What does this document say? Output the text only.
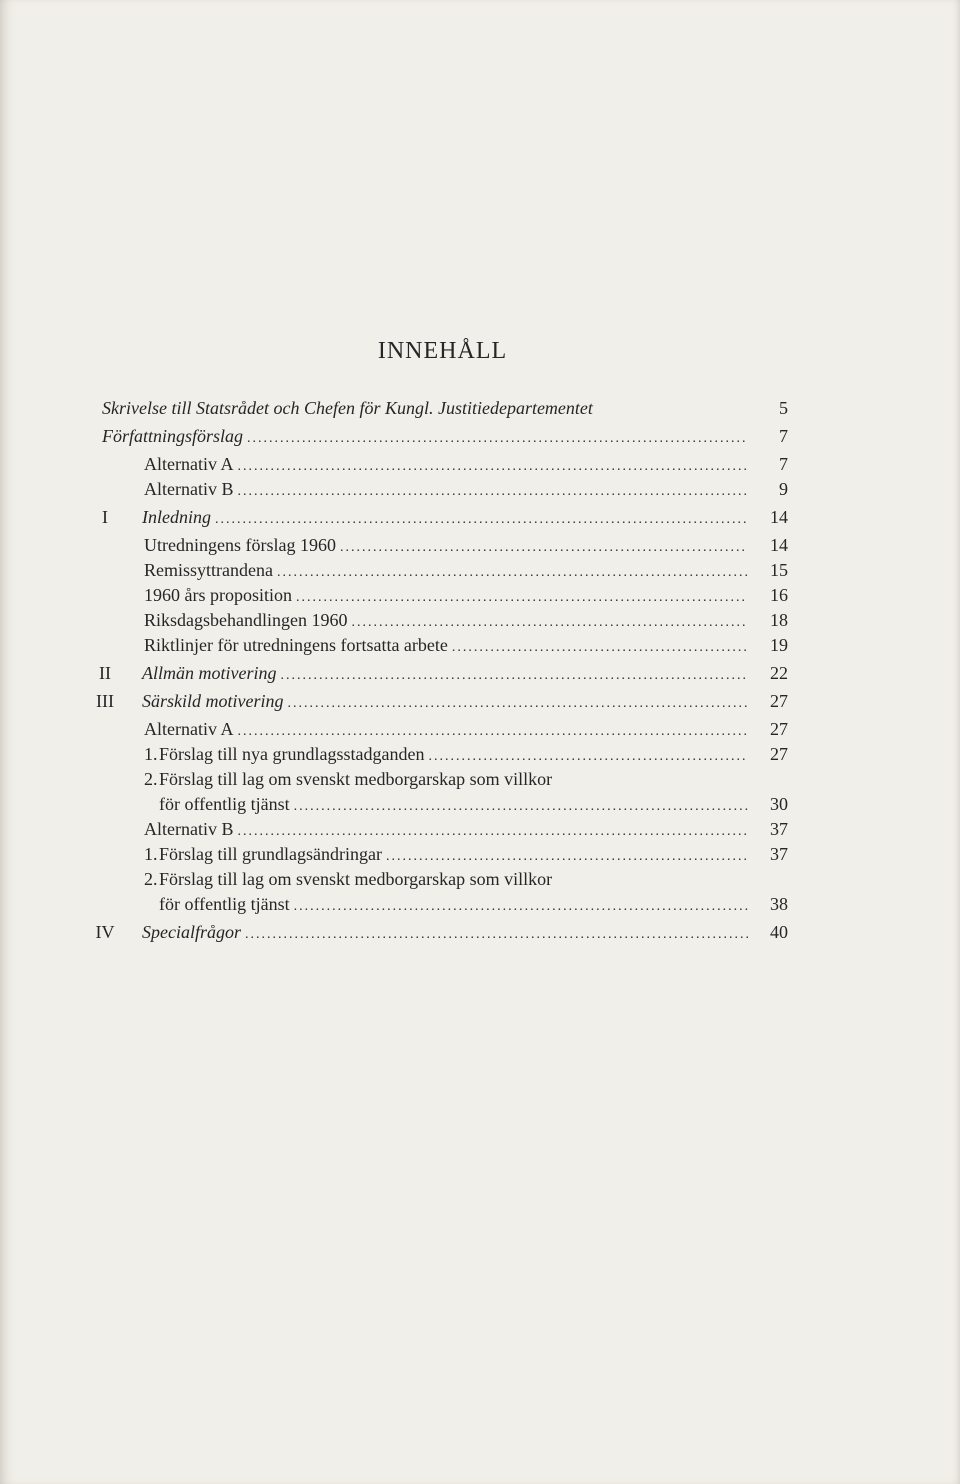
INNEHÅLL
Skrivelse till Statsrådet och Chefen för Kungl. Justitiedepartementet	5
Författningsförslag .....	7
Alternativ A .....	7
Alternativ B .....	9
I	Inledning .....	14
Utredningens förslag 1960 .....	14
Remissyttrandena .....	15
1960 års proposition .....	16
Riksdagsbehandlingen 1960 .....	18
Riktlinjer för utredningens fortsatta arbete .....	19
II	Allmän motivering .....	22
III	Särskild motivering .....	27
Alternativ A .....	27
1. Förslag till nya grundlagsstadganden .....	27
2. Förslag till lag om svenskt medborgarskap som villkor
för offentlig tjänst .....	30
Alternativ B .....	37
1. Förslag till grundlagsändringar .....	37
2. Förslag till lag om svenskt medborgarskap som villkor
för offentlig tjänst .....	38
IV	Specialfrågor .....	40
